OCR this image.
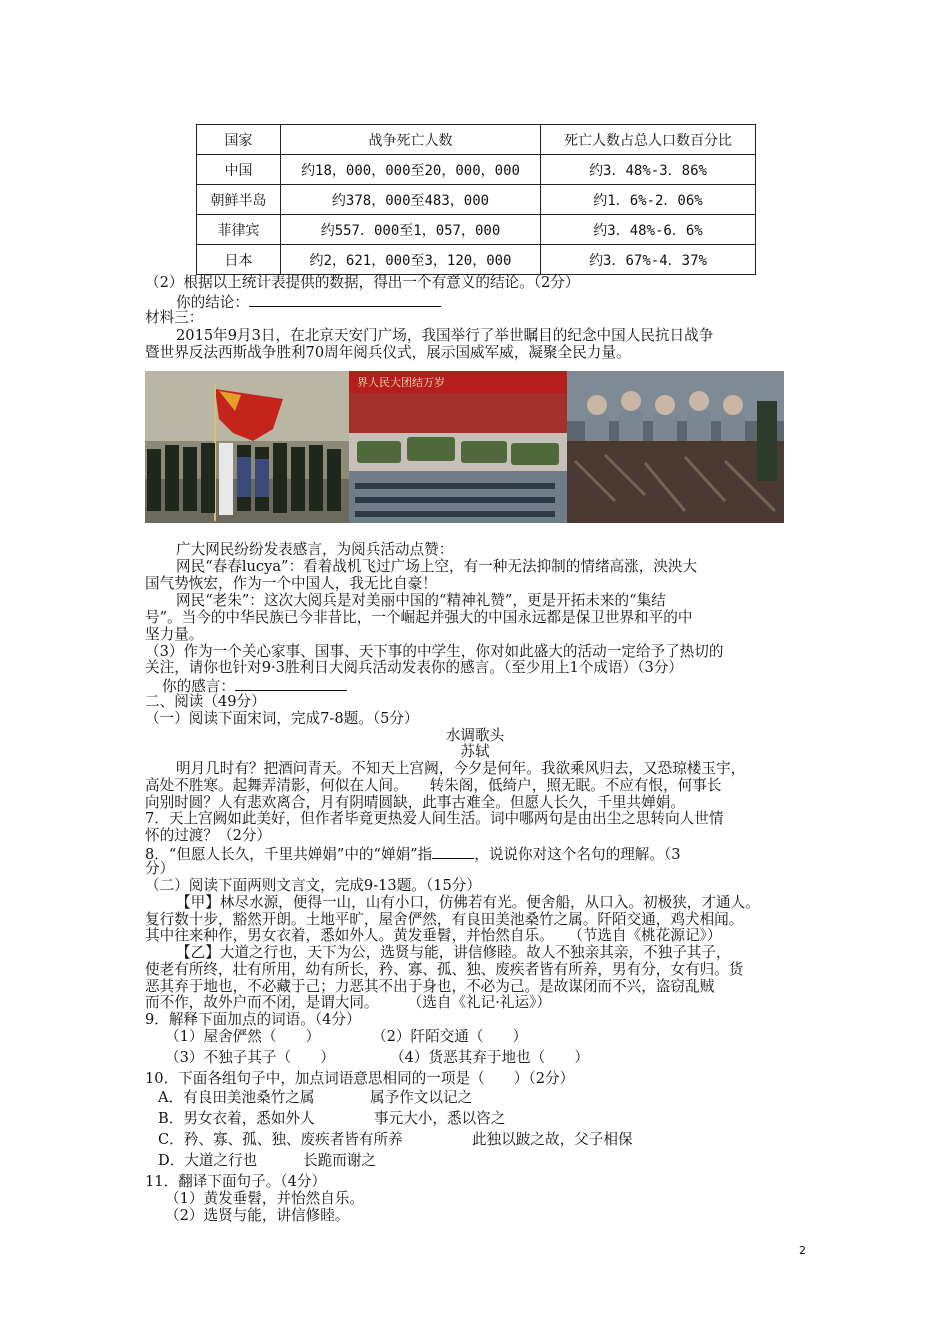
国家	战争死亡人数	死亡人数占总人口数百分比
中国	约18，000，000至20，000，000	约3．48%-3．86%
朝鲜半岛	约378，000至483，000	约1．6%-2．06%
菲律宾	约557．000至1，057，000	约3．48%-6．6%
日本	约2，621，000至3，120，000	约3．67%-4．37%
（2）根据以上统计表提供的数据，得出一个有意义的结论。（2分）
你的结论：
材料三：
2015年9月3日，在北京天安门广场，我国举行了举世瞩目的纪念中国人民抗日战争
暨世界反法西斯战争胜利70周年阅兵仪式，展示国威军威，凝聚全民力量。
界人民大团结万岁
广大网民纷纷发表感言，为阅兵活动点赞：
网民“春春lucya”：看着战机飞过广场上空，有一种无法抑制的情绪高涨，泱泱大
国气势恢宏，作为一个中国人，我无比自豪！
网民“老朱”：这次大阅兵是对美丽中国的“精神礼赞”，更是开拓未来的“集结
号”。当今的中华民族已今非昔比，一个崛起并强大的中国永远都是保卫世界和平的中
坚力量。
（3）作为一个关心家事、国事、天下事的中学生，你对如此盛大的活动一定给予了热切的
关注，请你也针对9·3胜利日大阅兵活动发表你的感言。（至少用上1个成语）（3分）
你的感言：
二、阅读（49分）
（一）阅读下面宋词，完成7-8题。（5分）
水调歌头
苏轼
明月几时有？把酒问青天。不知天上宫阙，今夕是何年。我欲乘风归去，又恐琼楼玉宇，
高处不胜寒。起舞弄清影，何似在人间。　　转朱阁，低绮户，照无眠。不应有恨，何事长
向别时圆？人有悲欢离合，月有阴晴圆缺，此事古难全。但愿人长久，千里共婵娟。
7．天上宫阙如此美好，但作者毕竟更热爱人间生活。词中哪两句是由出尘之思转向人世情
怀的过渡？（2分）
8．“但愿人长久，千里共婵娟”中的“婵娟”指	，说说你对这个名句的理解。（3
分）
（二）阅读下面两则文言文，完成9-13题。（15分）
【甲】林尽水源，便得一山，山有小口，仿佛若有光。便舍船，从口入。初极狭，才通人。
复行数十步，豁然开朗。土地平旷，屋舍俨然，有良田美池桑竹之属。阡陌交通，鸡犬相闻。
其中往来种作，男女衣着，悉如外人。黄发垂髫，并怡然自乐。　　（节选自《桃花源记》）
【乙】大道之行也，天下为公，选贤与能，讲信修睦。故人不独亲其亲，不独子其子，
使老有所终，壮有所用，幼有所长，矜、寡、孤、独、废疾者皆有所养，男有分，女有归。货
恶其弃于地也，不必藏于己；力恶其不出于身也，不必为己。是故谋闭而不兴，盗窃乱贼
而不作，故外户而不闭，是谓大同。　　　（选自《礼记·礼运》）
9．解释下面加点的词语。（4分）
（1）屋舍俨然（　　）	（2）阡陌交通（　　）
（3）不独子其子（　　）	（4）货恶其弃于地也（　　）
10．下面各组句子中，加点词语意思相同的一项是（　　）（2分）
A．有良田美池桑竹之属	属予作文以记之
B．男女衣着，悉如外人	事元大小，悉以咨之
C．矜、寡、孤、独、废疾者皆有所养	此独以跛之故，父子相保
D．大道之行也	长跪而谢之
11．翻译下面句子。（4分）
（1）黄发垂髫，并怡然自乐。
（2）选贤与能，讲信修睦。
2
